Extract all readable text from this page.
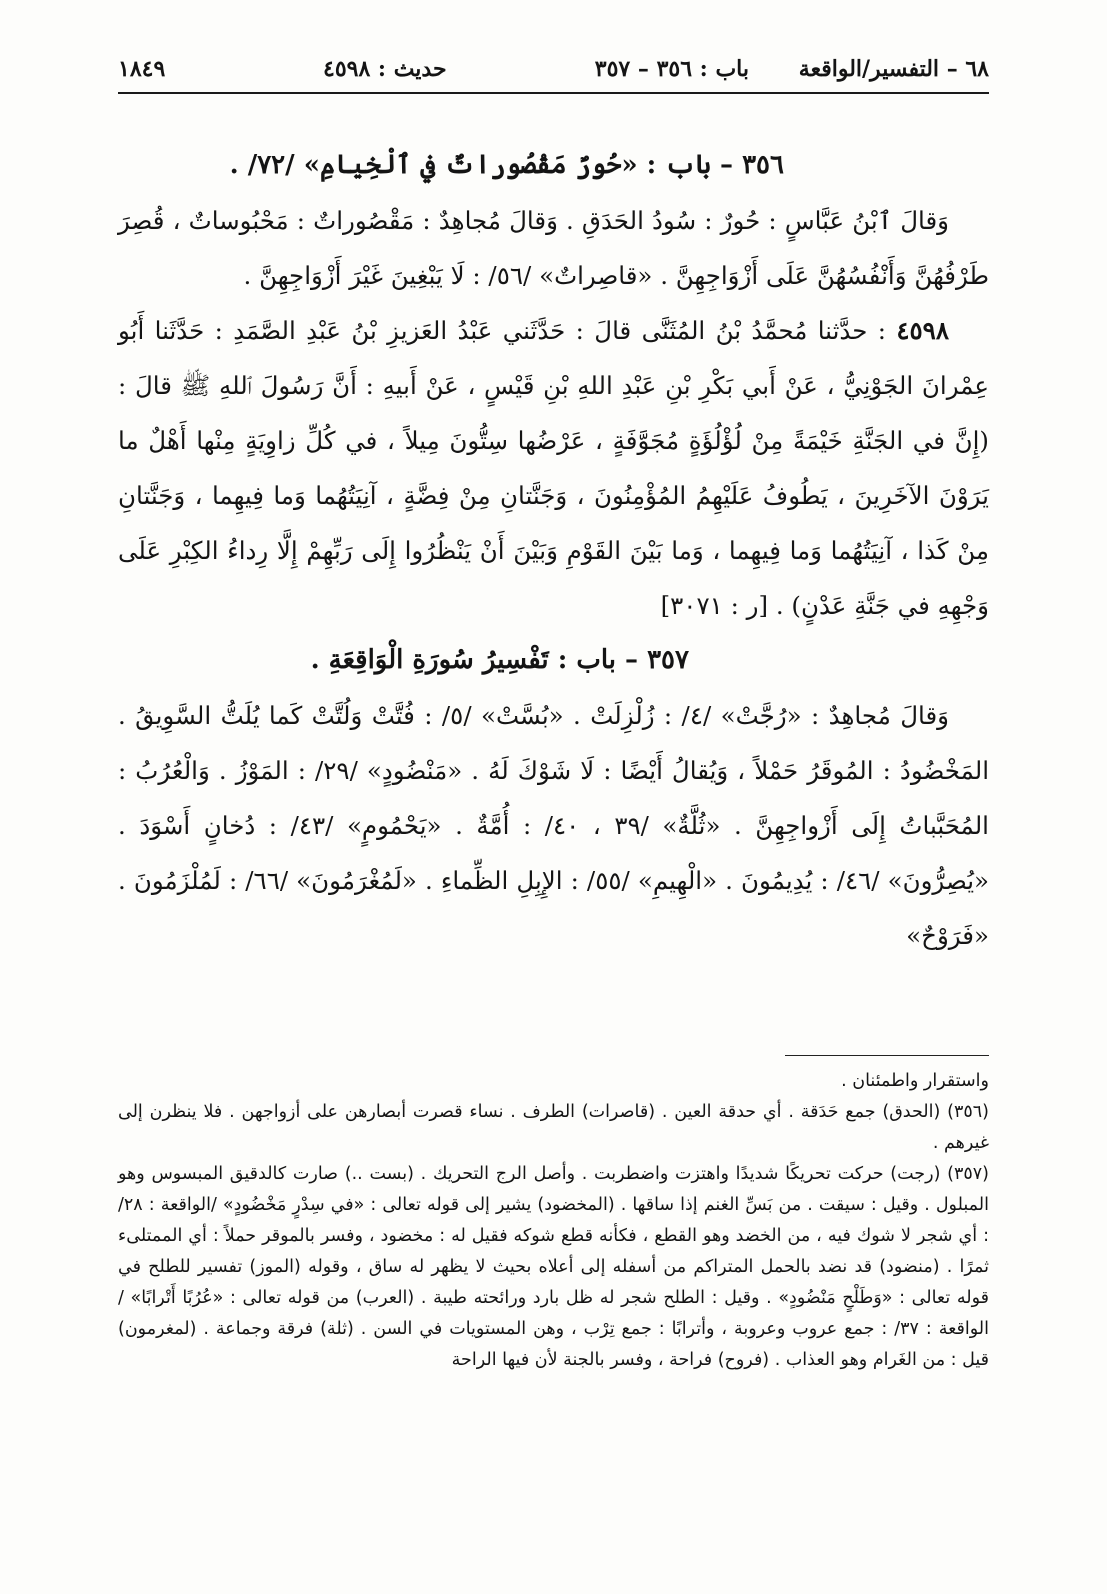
٦٨ – التفسير/الواقعة
باب : ٣٥٦ – ٣٥٧
حديث : ٤٥٩٨
١٨٤٩
٣٥٦ – باب : «حُورٌ مَقْصُوراتٌ في ٱلْخِيامِ» /٧٢/ .

وَقالَ ٱبْنُ عَبَّاسٍ : حُورٌ : سُودُ الحَدَقِ . وَقالَ مُجاهِدٌ : مَقْصُوراتٌ : مَحْبُوساتٌ ، قُصِرَ طَرْفُهُنَّ وَأَنْفُسُهُنَّ عَلَى أَزْوَاجِهِنَّ . «قاصِراتٌ» /٥٦/ : لَا يَبْغِينَ غَيْرَ أَزْوَاجِهِنَّ .

٤٥٩٨ : حدَّثنا مُحمَّدُ بْنُ المُثَنَّى قالَ : حَدَّثَني عَبْدُ العَزيزِ بْنُ عَبْدِ الصَّمَدِ : حَدَّثَنا أَبُو عِمْرانَ الجَوْنِيُّ ، عَنْ أَبي بَكْرِ بْنِ عَبْدِ اللهِ بْنِ قَيْسٍ ، عَنْ أَبيهِ : أَنَّ رَسُولَ ٱللهِ ﷺ قالَ : (إِنَّ في الجَنَّةِ خَيْمَةً مِنْ لُؤْلُؤَةٍ مُجَوَّفَةٍ ، عَرْضُها سِتُّونَ مِيلاً ، في كُلِّ زاوِيَةٍ مِنْها أَهْلٌ ما يَرَوْنَ الآخَرِينَ ، يَطُوفُ عَلَيْهِمُ المُؤْمِنُونَ ، وَجَنَّتانِ مِنْ فِضَّةٍ ، آنِيَتُهُما وَما فِيهِما ، وَجَنَّتانِ مِنْ كَذا ، آنِيَتُهُما وَما فِيهِما ، وَما بَيْنَ القَوْمِ وَبَيْنَ أَنْ يَنْظُرُوا إِلَى رَبِّهِمْ إِلَّا رِداءُ الكِبْرِ عَلَى وَجْهِهِ في جَنَّةِ عَدْنٍ) . [ر : ٣٠٧١]

٣٥٧ – باب : تَفْسِيرُ سُورَةِ الْوَاقِعَةِ .

وَقالَ مُجاهِدٌ : «رُجَّتْ» /٤/ : زُلْزِلَتْ . «بُسَّتْ» /٥/ : فُتَّتْ وَلُتَّتْ كَما يُلَتُّ السَّوِيقُ . المَخْضُودُ : المُوقَرُ حَمْلاً ، وَيُقالُ أَيْضًا : لَا شَوْكَ لَهُ . «مَنْضُودٍ» /٢٩/ : المَوْزُ . وَالْعُرُبُ : المُحَبَّباتُ إِلَى أَزْواجِهِنَّ . «ثُلَّةٌ» /٣٩ ، ٤٠/ : أُمَّةٌ . «يَحْمُومٍ» /٤٣/ : دُخانٍ أَسْوَدَ . «يُصِرُّونَ» /٤٦/ : يُدِيمُونَ . «الْهِيمِ» /٥٥/ : الإِبِلِ الظِّماءِ . «لَمُغْرَمُونَ» /٦٦/ : لَمُلْزَمُونَ . «فَرَوْحٌ»

واستقرار واطمئنان .

(٣٥٦) (الحدق) جمع حَدَقة . أي حدقة العين . (قاصرات) الطرف . نساء قصرت أبصارهن على أزواجهن . فلا ينظرن إلى غيرهم .

(٣٥٧) (رجت) حركت تحريكًا شديدًا واهتزت واضطربت . وأصل الرج التحريك . (بست ..) صارت كالدقيق المبسوس وهو المبلول . وقيل : سيقت . من بَسِّ الغنم إذا ساقها . (المخضود) يشير إلى قوله تعالى : «في سِدْرٍ مَخْضُودٍ» /الواقعة : ٢٨/ : أي شجر لا شوك فيه ، من الخضد وهو القطع ، فكأنه قطع شوكه فقيل له : مخضود ، وفسر بالموقر حملاً : أي الممتلىء ثمرًا . (منضود) قد نضد بالحمل المتراكم من أسفله إلى أعلاه بحيث لا يظهر له ساق ، وقوله (الموز) تفسير للطلح في قوله تعالى : «وَطَلْحٍ مَنْضُودٍ» . وقيل : الطلح شجر له ظل بارد ورائحته طيبة . (العرب) من قوله تعالى : «عُرُبًا أَتْرابًا» /الواقعة : ٣٧/ : جمع عروب وعروبة ، وأترابًا : جمع تِرْب ، وهن المستويات في السن . (ثلة) فرقة وجماعة . (لمغرمون) قيل : من الغَرام وهو العذاب . (فروح) فراحة ، وفسر بالجنة لأن فيها الراحة
